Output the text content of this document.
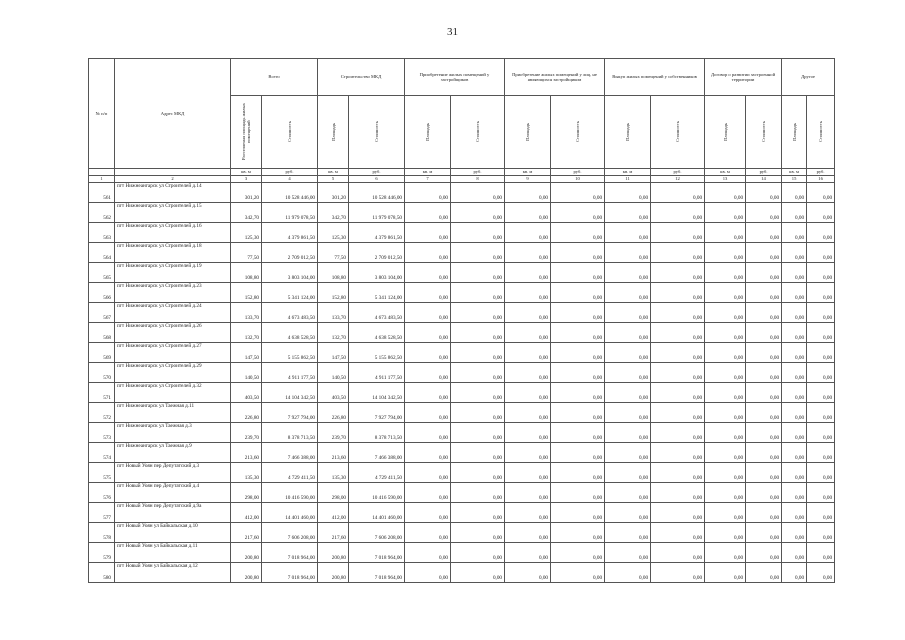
31
№ п/п	Адрес МКД	Всего		Строительство МКД		Приобретение жилых помещений у застройщиков		Приобретение жилых помещений у лиц, не являющихся застройщиком		Выкуп жилых помещений у собственников		Договор о развитии застроенной территории		Другое	

		Расселяемая площадь жилых помещений	Стоимость	Площадь	Стоимость	Площадь	Стоимость	Площадь	Стоимость	Площадь	Стоимость	Площадь	Стоимость	Площадь	Стоимость

		кв. м	руб.	кв. м	руб.	кв. м	руб.	кв. м	руб.	кв. м	руб.	кв. м	руб.	кв. м	руб.
1	2	3	4	5	6	7	8	9	10	11	12	13	14	15	16
561	пгт Нижнеангарск ул Строителей д.14	301,20	10 528 446,00	301,20	10 528 446,00	0,00	0,00	0,00	0,00	0,00	0,00	0,00	0,00	0,00	0,00
562	пгт Нижнеангарск ул Строителей д.15	342,70	11 979 078,50	342,70	11 979 078,50	0,00	0,00	0,00	0,00	0,00	0,00	0,00	0,00	0,00	0,00
563	пгт Нижнеангарск ул Строителей д.16	125,30	4 379 861,50	125,30	4 379 861,50	0,00	0,00	0,00	0,00	0,00	0,00	0,00	0,00	0,00	0,00
564	пгт Нижнеангарск ул Строителей д.18	77,50	2 709 012,50	77,50	2 709 012,50	0,00	0,00	0,00	0,00	0,00	0,00	0,00	0,00	0,00	0,00
565	пгт Нижнеангарск ул Строителей д.19	108,80	3 803 104,00	108,80	3 803 104,00	0,00	0,00	0,00	0,00	0,00	0,00	0,00	0,00	0,00	0,00
566	пгт Нижнеангарск ул Строителей д.23	152,80	5 341 124,00	152,80	5 341 124,00	0,00	0,00	0,00	0,00	0,00	0,00	0,00	0,00	0,00	0,00
567	пгт Нижнеангарск ул Строителей д.24	133,70	4 673 483,50	133,70	4 673 483,50	0,00	0,00	0,00	0,00	0,00	0,00	0,00	0,00	0,00	0,00
568	пгт Нижнеангарск ул Строителей д.26	132,70	4 638 528,50	132,70	4 638 528,50	0,00	0,00	0,00	0,00	0,00	0,00	0,00	0,00	0,00	0,00
569	пгт Нижнеангарск ул Строителей д.27	147,50	5 155 862,50	147,50	5 155 862,50	0,00	0,00	0,00	0,00	0,00	0,00	0,00	0,00	0,00	0,00
570	пгт Нижнеангарск ул Строителей д.29	140,50	4 911 177,50	140,50	4 911 177,50	0,00	0,00	0,00	0,00	0,00	0,00	0,00	0,00	0,00	0,00
571	пгт Нижнеангарск ул Строителей д.32	403,50	14 104 342,50	403,50	14 104 342,50	0,00	0,00	0,00	0,00	0,00	0,00	0,00	0,00	0,00	0,00
572	пгт Нижнеангарск ул Таежная д.11	226,80	7 927 794,00	226,80	7 927 794,00	0,00	0,00	0,00	0,00	0,00	0,00	0,00	0,00	0,00	0,00
573	пгт Нижнеангарск ул Таежная д.3	239,70	8 378 713,50	239,70	8 378 713,50	0,00	0,00	0,00	0,00	0,00	0,00	0,00	0,00	0,00	0,00
574	пгт Нижнеангарск ул Таежная д.9	213,60	7 466 388,00	213,60	7 466 388,00	0,00	0,00	0,00	0,00	0,00	0,00	0,00	0,00	0,00	0,00
575	пгт Новый Уоян пер Депутатский д.3	135,30	4 729 411,50	135,30	4 729 411,50	0,00	0,00	0,00	0,00	0,00	0,00	0,00	0,00	0,00	0,00
576	пгт Новый Уоян пер Депутатский д.4	298,00	10 416 590,00	298,00	10 416 590,00	0,00	0,00	0,00	0,00	0,00	0,00	0,00	0,00	0,00	0,00
577	пгт Новый Уоян пер Депутатский д.9а	412,00	14 401 460,00	412,00	14 401 460,00	0,00	0,00	0,00	0,00	0,00	0,00	0,00	0,00	0,00	0,00
578	пгт Новый Уоян ул Байкальская д.10	217,60	7 606 208,00	217,60	7 606 208,00	0,00	0,00	0,00	0,00	0,00	0,00	0,00	0,00	0,00	0,00
579	пгт Новый Уоян ул Байкальская д.11	200,80	7 018 964,00	200,80	7 018 964,00	0,00	0,00	0,00	0,00	0,00	0,00	0,00	0,00	0,00	0,00
580	пгт Новый Уоян ул Байкальская д.12	200,80	7 018 964,00	200,80	7 018 964,00	0,00	0,00	0,00	0,00	0,00	0,00	0,00	0,00	0,00	0,00
